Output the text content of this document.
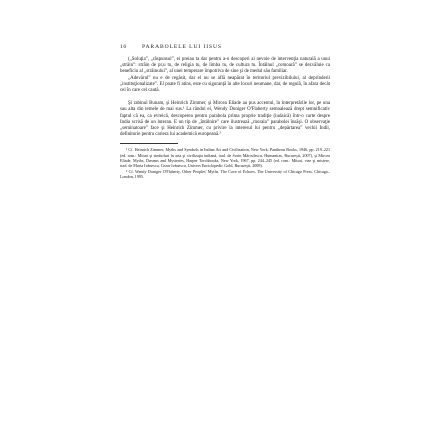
16	PARABOLELE LUI IISUS

(„Soluţia”, „răspunsul”, ei preiau ta dar pentru a-o descoperi ai nevoie de intervenţia naturală a unui „străin”: străin de pr,u tu, de religia tu, de limba tu, de cultura tu. Întâlnul „comoară” se dezvăluie ca beneficiu al „străinului”, al unei temperare împotriva de sine şi de medul său familiar.

„Adevărul” nu e de regăsit, dar el nu se află neapărat în teritoriul previzibilului, al deprinderii „instituţionalizate”. El poate fi atins, este cu siguranţă în alte locuri neumane, dar, de regulă, în afara decât cel în care cel caută.

Şi rabinul Bunam, şi Heinrich Zimmer, şi Mircea Eliade au pus accentul, în interpretările lor, pe una sau alta din temele de mai sus.¹ La rândul ei, Wendy Doniger O'Flaherty semnalează drept semnificativ faptul că ea, ca evreică, descoperea pentru parabola prima proprie tradiţie (iudaică) într-o carte despre India scrisă de un luteran. E un tip de „întâlnire” care ilustrează „morala” parabolei însăşi. O observaţie „seminatoare” face şi Heinrich Zimmer, cu privire la interesul lui pentru „depărtarea” vechii Indii, definitorie pentru cariera lui academică europeană.²

¹ Cf. Heinrich Zimmer, Myths and Symbols in Indian Art and Civilization, New York, Pantheon Books, 1946, pp. 219–221 (ed. rom.: Mituri şi simboluri în arta şi civilizaţia indiană, trad. de Sorin Mărculescu, Humanitas, Bucureşti, 2007), şi Mircea Eliade, Myths, Dreams and Mysteries, Harper Torchbooks, New York, 1967, pp. 244–245 (ed. rom.: Mituri, vise şi mistere, trad. de Maria Ivănescu, Cezar Ivănescu, Univers Enciclopedic Gold, Bucureşti, 2008).

² Cf. Wendy Doniger O'Flaherty, Other Peoples' Myths. The Cave of Echoes, The University of Chicago Press, Chicago–London, 1995.
